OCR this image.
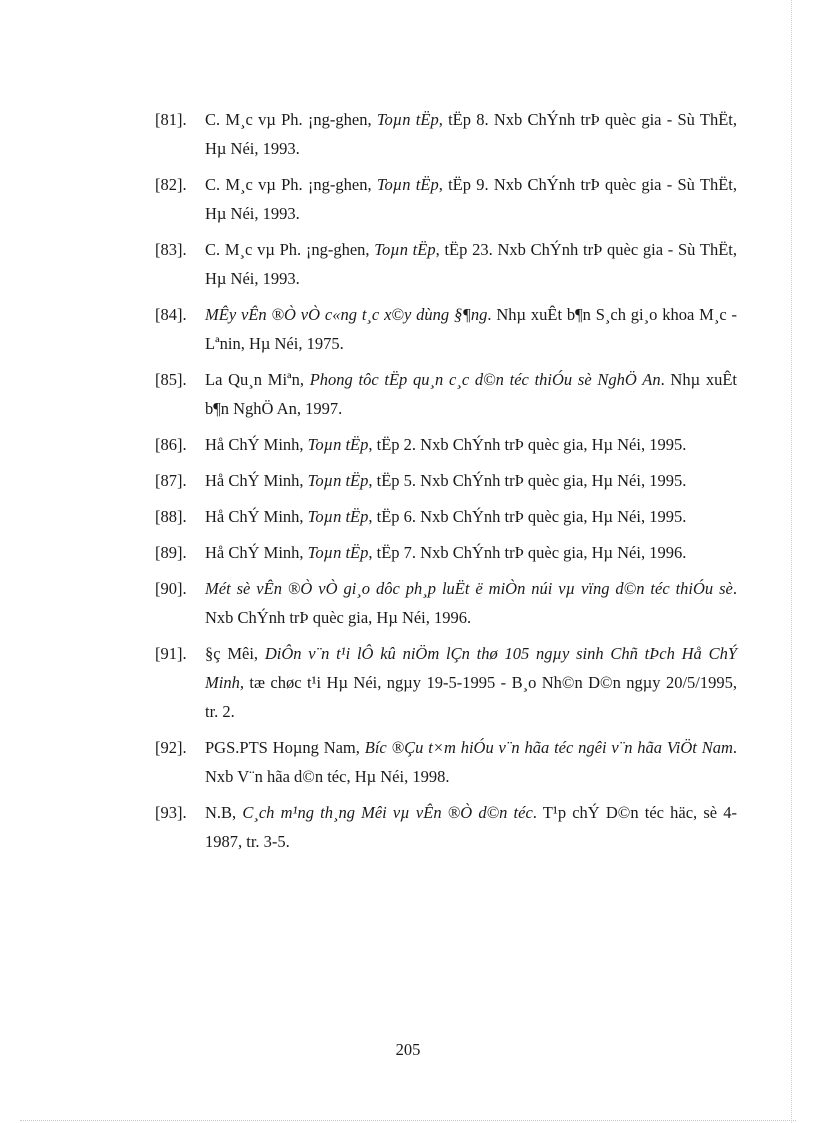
[81].	C. M¸c vµ Ph. ¡ng-ghen, Toµn tËp, tËp 8. Nxb ChÝnh trÞ quèc gia - Sù ThËt, Hµ Néi, 1993.
[82].	C. M¸c vµ Ph. ¡ng-ghen, Toµn tËp, tËp 9. Nxb ChÝnh trÞ quèc gia - Sù ThËt, Hµ Néi, 1993.
[83].	C. M¸c vµ Ph. ¡ng-ghen, Toµn tËp, tËp 23. Nxb ChÝnh trÞ quèc gia - Sù ThËt, Hµ Néi, 1993.
[84].	MÊy vÊn ®Ò vÒ c«ng t¸c x©y dùng §¶ng. Nhµ xuÊt b¶n S¸ch gi¸o khoa M¸c - Lªnin, Hµ Néi, 1975.
[85].	La Qu¸n Miªn, Phong tôc tËp qu¸n c¸c d©n téc thiÓu sè NghÖ An. Nhµ xuÊt b¶n NghÖ An, 1997.
[86].	Hå ChÝ Minh, Toµn tËp, tËp 2. Nxb ChÝnh trÞ quèc gia, Hµ Néi, 1995.
[87].	Hå ChÝ Minh, Toµn tËp, tËp 5. Nxb ChÝnh trÞ quèc gia, Hµ Néi, 1995.
[88].	Hå ChÝ Minh, Toµn tËp, tËp 6. Nxb ChÝnh trÞ quèc gia, Hµ Néi, 1995.
[89].	Hå ChÝ Minh, Toµn tËp, tËp 7. Nxb ChÝnh trÞ quèc gia, Hµ Néi, 1996.
[90].	Mét sè vÊn ®Ò vÒ gi¸o dôc ph¸p luËt ë miÒn núi vµ vïng d©n téc thiÓu sè. Nxb ChÝnh trÞ quèc gia, Hµ Néi, 1996.
[91].	§ç Mêi, DiÔn v¨n t¹i lÔ kû niÖm lÇn thø 105 ngµy sinh Chñ tÞch Hå ChÝ Minh, tæ chøc t¹i Hµ Néi, ngµy 19-5-1995 - B¸o Nh©n D©n ngµy 20/5/1995, tr. 2.
[92].	PGS.PTS Hoµng Nam, Bíc ®Çu t×m hiÓu v¨n hãa téc ngêi v¨n hãa ViÖt Nam. Nxb V¨n hãa d©n téc, Hµ Néi, 1998.
[93].	N.B, C¸ch m¹ng th¸ng Mêi vµ vÊn ®Ò d©n téc. T¹p chÝ D©n téc häc, sè 4-1987, tr. 3-5.
205
